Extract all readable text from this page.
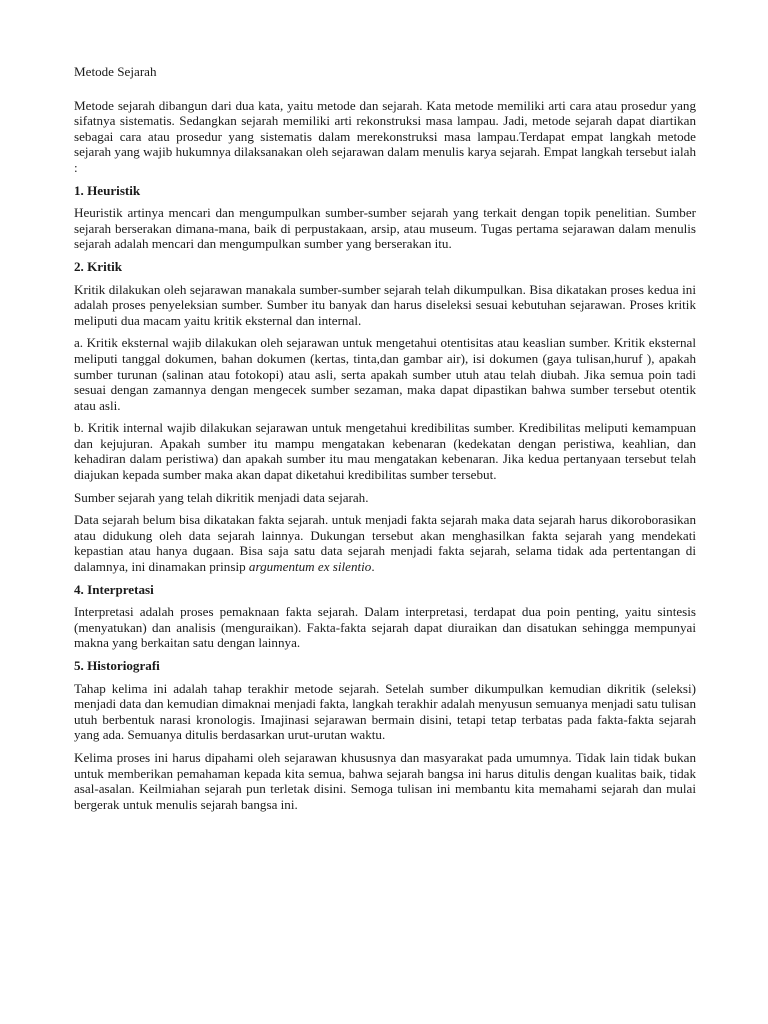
Metode Sejarah

Metode sejarah dibangun dari dua kata, yaitu metode dan sejarah. Kata metode memiliki arti cara atau prosedur yang sifatnya sistematis. Sedangkan sejarah memiliki arti rekonstruksi masa lampau. Jadi, metode sejarah dapat diartikan sebagai cara atau prosedur yang sistematis dalam merekonstruksi masa lampau.Terdapat empat langkah metode sejarah yang wajib hukumnya dilaksanakan oleh sejarawan dalam menulis karya sejarah. Empat langkah tersebut ialah :

1. Heuristik

Heuristik artinya mencari dan mengumpulkan sumber-sumber sejarah yang terkait dengan topik penelitian. Sumber sejarah berserakan dimana-mana, baik di perpustakaan, arsip, atau museum. Tugas pertama sejarawan dalam menulis sejarah adalah mencari dan mengumpulkan sumber yang berserakan itu.

2. Kritik

Kritik dilakukan oleh sejarawan manakala sumber-sumber sejarah telah dikumpulkan. Bisa dikatakan proses kedua ini adalah proses penyeleksian sumber. Sumber itu banyak dan harus diseleksi sesuai kebutuhan sejarawan. Proses kritik meliputi dua macam yaitu kritik eksternal dan internal.

a. Kritik eksternal wajib dilakukan oleh sejarawan untuk mengetahui otentisitas atau keaslian sumber. Kritik eksternal meliputi tanggal dokumen, bahan dokumen (kertas, tinta,dan gambar air), isi dokumen (gaya tulisan,huruf ), apakah sumber turunan (salinan atau fotokopi) atau asli, serta apakah sumber utuh atau telah diubah. Jika semua poin tadi sesuai dengan zamannya dengan mengecek sumber sezaman, maka dapat dipastikan bahwa sumber tersebut otentik atau asli.

b. Kritik internal wajib dilakukan sejarawan untuk mengetahui kredibilitas sumber. Kredibilitas meliputi kemampuan dan kejujuran. Apakah sumber itu mampu mengatakan kebenaran (kedekatan dengan peristiwa, keahlian, dan kehadiran dalam peristiwa) dan apakah sumber itu mau mengatakan kebenaran. Jika kedua pertanyaan tersebut telah diajukan kepada sumber maka akan dapat diketahui kredibilitas sumber tersebut.

Sumber sejarah yang telah dikritik menjadi data sejarah.

Data sejarah belum bisa dikatakan fakta sejarah. untuk menjadi fakta sejarah maka data sejarah harus dikoroborasikan atau didukung oleh data sejarah lainnya. Dukungan tersebut akan menghasilkan fakta sejarah yang mendekati kepastian atau hanya dugaan. Bisa saja satu data sejarah menjadi fakta sejarah, selama tidak ada pertentangan di dalamnya, ini dinamakan prinsip argumentum ex silentio.

4. Interpretasi

Interpretasi adalah proses pemaknaan fakta sejarah. Dalam interpretasi, terdapat dua poin penting, yaitu sintesis (menyatukan) dan analisis (menguraikan). Fakta-fakta sejarah dapat diuraikan dan disatukan sehingga mempunyai makna yang berkaitan satu dengan lainnya.

5. Historiografi

Tahap kelima ini adalah tahap terakhir metode sejarah. Setelah sumber dikumpulkan kemudian dikritik (seleksi) menjadi data dan kemudian dimaknai menjadi fakta, langkah terakhir adalah menyusun semuanya menjadi satu tulisan utuh berbentuk narasi kronologis. Imajinasi sejarawan bermain disini, tetapi tetap terbatas pada fakta-fakta sejarah yang ada. Semuanya ditulis berdasarkan urut-urutan waktu.

Kelima proses ini harus dipahami oleh sejarawan khususnya dan masyarakat pada umumnya. Tidak lain tidak bukan untuk memberikan pemahaman kepada kita semua, bahwa sejarah bangsa ini harus ditulis dengan kualitas baik, tidak asal-asalan. Keilmiahan sejarah pun terletak disini. Semoga tulisan ini membantu kita memahami sejarah dan mulai bergerak untuk menulis sejarah bangsa ini.
